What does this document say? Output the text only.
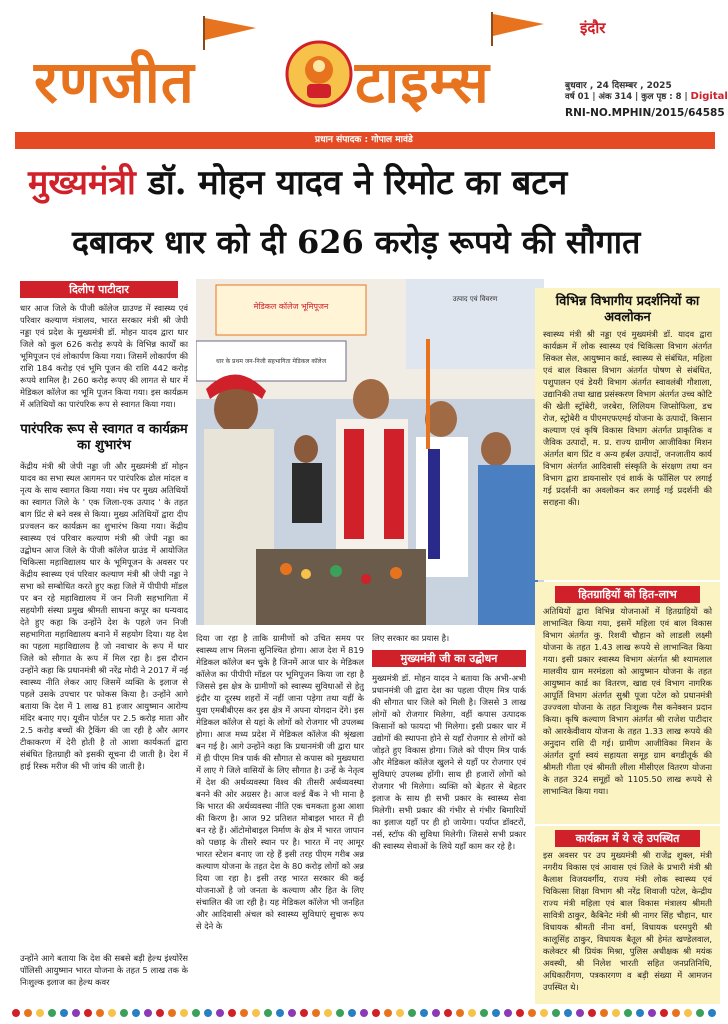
रणजीत	टाइम्स
इंदौर
बुधवार , 24 दिसम्बर , 2025
वर्ष 01 | अंक 314 | कुल पृष्ठ : 8 | Digital
RNI-NO.MPHIN/2015/64585
प्रधान संपादक : गोपाल मावंडे
मुख्यमंत्री डॉ. मोहन यादव ने रिमोट का बटन
दबाकर धार को दी 626 करोड़ रूपये की सौगात
दिलीप पाटीदार
धार आज जिले के पीजी कॉलेज ग्राउण्ड में स्वास्थ्य एवं परिवार कल्याण मंत्रालय, भारत सरकार मंत्री श्री जेपी नड्डा एवं प्रदेश के मुख्यमंत्री डॉ. मोहन यादव द्वारा धार जिले को कुल 626 करोड़ रूपये के विभिन्न कार्यों का भूमिपूजन एवं लोकार्पण किया गया। जिसमें लोकार्पण की राशि 184 करोड़ एवं भूमि पूजन की राशि 442 करोड़ रूपये शामिल है। 260 करोड़ रूपए की लागत से धार में मेडिकल कॉलेज का भूमि पूजन किया गया। इस कार्यक्रम में अतिथियों का पारंपरिक रूप से स्वागत किया गया।
पारंपरिक रूप से स्वागत व कार्यक्रम का शुभारंभ
केंद्रीय मंत्री श्री जेपी नड्डा जी और मुख्यमंत्री डॉ मोहन यादव का सभा स्थल आगमन पर पारंपरिक ढोल मांदल व नृत्य के साथ स्वागत किया गया। मंच पर मुख्य अतिथियों का स्वागत जिले के ' एक जिला-एक उत्पाद ' के तहत बाग प्रिंट से बने वस्त्र से किया। मुख्य अतिथियों द्वारा दीप प्रज्वलन कर कार्यक्रम का शुभारंभ किया गया। केंद्रीय स्वास्थ्य एवं परिवार कल्याण मंत्री श्री जेपी नड्डा का उद्बोधन आज जिले के पीजी कॉलेज ग्राउंड में आयोजित चिकित्सा महाविद्यालय धार के भूमिपूजन के अवसर पर केंद्रीय स्वास्थ्य एवं परिवार कल्याण मंत्री श्री जेपी नड्डा ने सभा को सम्बोधित करते हुए कहा जिले में पीपीपी मॉडल पर बन रहे महाविद्यालय में जन निजी सहभागिता में सहयोगी संस्था प्रमुख श्रीमती साधना कपूर का धन्यवाद देते हुए कहा कि उन्होंने देश के पहले जन निजी सहभागिता महाविद्यालय बनाने में सहयोग दिया। यह देश का पहला महाविद्यालय है जो नवाचार के रूप में धार जिले को सौगात के रूप में मिल रहा है। इस दौरान उन्होंने कहा कि प्रधानमंत्री श्री नरेंद्र मोदी ने 2017 में नई स्वास्थ्य नीति लेकर आए जिसमें व्यक्ति के इलाज से पहले उसके उपचार पर फोकस किया है। उन्होंने आगे बताया कि देश में 1 लाख 81 हजार आयुष्मान आरोग्य मंदिर बनाए गए। यूवीन पोर्टल पर 2.5 करोड़ माता और 2.5 करोड़ बच्चों की ट्रैकिंग की जा रही है और आगर टीकाकरण में देरी होती है तो आशा कार्यकर्ता द्वारा संबंधित हितग्राही को इसकी सूचना दी जाती है। देश में हाई रिस्क मरीज की भी जांच की जाती है।
उन्होंने आगे बताया कि देश की सबसे बड़ी हेल्थ इंश्योरेंस पॉलिसी आयुष्मान भारत योजना के तहत 5 लाख तक के निःशुल्क इलाज का हेल्थ कवर
मेडिकल कॉलेज भूमिपूजन
धार के प्रथम जन-निजी सहभागिता मेडिकल कॉलेज
उत्पाद एवं विवरण
दिया जा रहा है ताकि ग्रामीणों को उचित समय पर स्वास्थ्य लाभ मिलना सुनिश्चित होगा। आज देश में 819 मेडिकल कॉलेज बन चुके है जिनमें आज धार के मेडिकल कॉलेज का पीपीपी मॉडल पर भूमिपूजन किया जा रहा है जिससे इस क्षेत्र के ग्रामीणों को स्वास्थ्य सुविधाओं से हेतु इंदौर या दूरस्थ शहरों में नहीं जाना पड़ेगा तथा यहीं के युवा एमबीबीएस कर इस क्षेत्र में अपना योगदान देंगे। इस मेडिकल कॉलेज से यहां के लोगों को रोजगार भी उपलब्ध होगा। आज मध्य प्रदेश में मेडिकल कॉलेज की श्रृंखला बन गई है। आगे उन्होंने कहा कि प्रधानमंत्री जी द्वारा धार में ही पीएम मित्र पार्क की सौगात से कपास को मुख्यधारा में लाए गे जिले वासियों के लिए सौगात है। उन्हें के नेतृत्व में देश की अर्थव्यवस्था विश्व की तीसरी अर्थव्यवस्था बनने की ओर अग्रसर है। आज वर्ल्ड बैंक ने भी माना है कि भारत की अर्थव्यवस्था नीति एक चमकता हुआ आशा की किरण है। आज 92 प्रतिशत मोबाइल भारत में ही बन रहे हैं। ऑटोमोबाइल निर्माण के क्षेत्र में भारत जापान को पछाड़ के तीसरे स्थान पर है। भारत में नए आमूर भारत स्टेशन बनाए जा रहे हैं इसी तरह पीएम गरीब अन्न कल्याण योजना के तहत देश के 80 करोड़ लोगों को अन्न दिया जा रहा है। इसी तरह भारत सरकार की कई योजनाओं है जो जनता के कल्याण और हित के लिए संचालित की जा रही है। यह मेडिकल कॉलेज भी जनहित और आदिवासी अंचल को स्वास्थ्य सुविधाएं सुचारू रूप से देने के
लिए सरकार का प्रयास है।
मुख्यमंत्री जी का उद्बोधन
मुख्यमंत्री डॉ. मोहन यादव ने बताया कि अभी-अभी प्रधानमंत्री जी द्वारा देश का पहला पीएम मित्र पार्क की सौगात धार जिले को मिली है। जिससे 3 लाख लोगों को रोजगार मिलेगा, वहीं कपास उत्पादक किसानों को फायदा भी मिलेगा। इसी प्रकार धार में उद्योगों की स्थापना होने से यहाँ रोजगार से लोगों को जोड़ते हुए विकास होगा। जिले को पीएम मित्र पार्क और मेडिकल कॉलेज खुलने से यहाँ पर रोजगार एवं सुविधाएं उपलब्ध होंगी। साथ ही हजारों लोगों को रोजगार भी मिलेगा। व्यक्ति को बेहतर से बेहतर इलाज के साथ ही सभी प्रकार के स्वास्थ्य सेवा मिलेगी। सभी प्रकार की गंभीर से गंभीर बिमारियों का इलाज यहाँ पर ही हो जायेगा। पर्याप्त डॉक्टरों, नर्स, स्टॉफ की सुविधा मिलेगी। जिससे सभी प्रकार की स्वास्थ्य सेवाओं के लिये यहाँ काम कर रहे है।
विभिन्न विभागीय प्रदर्शनियों का अवलोकन
स्वास्थ्य मंत्री श्री नड्डा एवं मुख्यमंत्री डॉ. यादव द्वारा कार्यक्रम में लोक स्वास्थ्य एवं चिकित्सा विभाग अंतर्गत सिकल सेल, आयुष्मान कार्ड, स्वास्थ्य से संबंधित, महिला एवं बाल विकास विभाग अंतर्गत पोषण से संबंधित, पशुपालन एवं डेयरी विभाग अंतर्गत स्वावलंबी गौशाला, उद्यानिकी तथा खाद्य प्रसंस्करण विभाग अंतर्गत उच्च कोटि की खेती स्ट्रॉबेरी, जरबेरा, लिलियम जिप्सोफिला, डच रोज, स्ट्रोबेरी व पीएमएफएमई योजना के उत्पादों, किसान कल्याण एवं कृषि विकास विभाग अंतर्गत प्राकृतिक व जैविक उत्पादों, म. प्र. राज्य ग्रामीण आजीविका मिशन अंतर्गत बाग प्रिंट व अन्य हर्बल उत्पादों, जनजातीय कार्य विभाग अंतर्गत आदिवासी संस्कृति के संरक्षण तथा वन विभाग द्वारा डायनासोर एवं शार्क के फॉसिल पर लगाई गई प्रदर्शनी का अवलोकन कर लगाई गई प्रदर्शनी की सराहना की।
हितग्राहियों को हित-लाभ
अतिथियों द्वारा विभिन्न योजनाओं में हितग्राहियों को लाभान्वित किया गया, इसमें महिला एवं बाल विकास विभाग अंतर्गत कु. रिशवी चौहान को लाडली लक्ष्मी योजना के तहत 1.43 लाख रूपये से लाभान्वित किया गया। इसी प्रकार स्वास्थ्य विभाग अंतर्गत श्री श्यामलाल मालवीय ग्राम मरमंडला को आयुष्मान योजना के तहत आयुष्मान कार्ड का वितरण, खाद्य एवं विभाग नागरिक आपूर्ति विभाग अंतर्गत सुश्री पूजा पटेल को प्रधानमंत्री उज्ज्वला योजना के तहत निःशुल्क गैस कनेक्शन प्रदान किया। कृषि कल्याण विभाग अंतर्गत श्री राजेश पाटीदार को आरकेवीवाय योजना के तहत 1.33 लाख रूपये की अनुदान राशि दी गई। ग्रामीण आजीविका मिशन के अंतर्गत दुर्गा स्वयं सहायता समूह ग्राम बगडीतूर्क की श्रीमती गीता एवं श्रीमती लीला मीसीएल वितरण योजना के तहत 324 समूहों को 1105.50 लाख रूपये से लाभान्वित किया गया।
कार्यक्रम में ये रहे उपस्थित
इस अवसर पर उप मुख्यमंत्री श्री राजेंद्र शुक्ल, मंत्री नगरीय विकास एवं आवास एवं जिले के प्रभारी मंत्री श्री कैलाश विजयवर्गीय, राज्य मंत्री लोक स्वास्थ्य एवं चिकित्सा शिक्षा विभाग श्री नरेंद्र शिवाजी पटेल, केन्द्रीय राज्य मंत्री महिला एवं बाल विकास मंत्रालय श्रीमती सावित्री ठाकुर, कैबिनेट मंत्री श्री नागर सिंह चौहान, धार विधायक श्रीमती नीना वर्मा, विधायक धरमपुरी श्री कालूसिंह ठाकुर, विधायक बैतूल श्री हेमंत खण्डेलवाल, कलेक्टर श्री प्रियंक मिश्रा, पुलिस अधीक्षक श्री मयंक अवस्थी, श्री निलेश भारती सहित जनप्रतिनिधि, अधिकारीगण, पत्रकारगण व बड़ी संख्या में आमजन उपस्थित थे।
